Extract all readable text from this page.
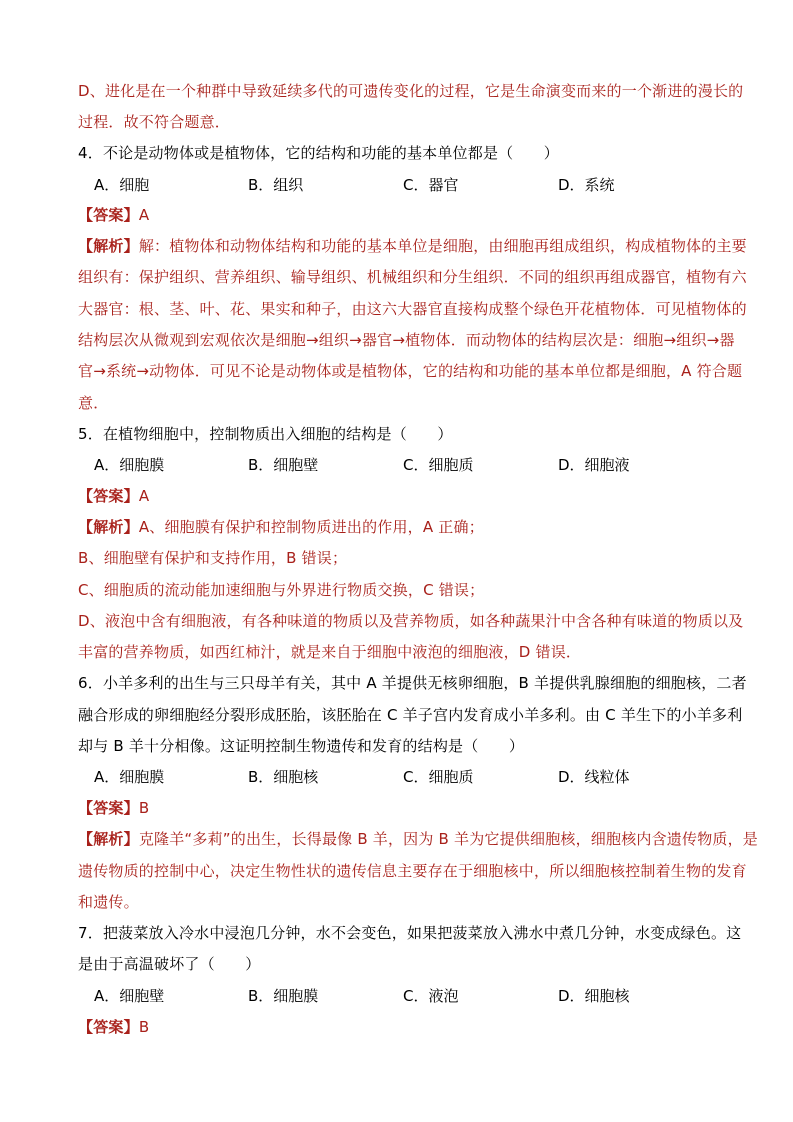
D、进化是在一个种群中导致延续多代的可遗传变化的过程，它是生命演变而来的一个渐进的漫长的
过程．故不符合题意．
4．不论是动物体或是植物体，它的结构和功能的基本单位都是（　　）
A．细胞	B．组织	C．器官	D．系统
【答案】A
【解析】解：植物体和动物体结构和功能的基本单位是细胞，由细胞再组成组织，构成植物体的主要
组织有：保护组织、营养组织、输导组织、机械组织和分生组织．不同的组织再组成器官，植物有六
大器官：根、茎、叶、花、果实和种子，由这六大器官直接构成整个绿色开花植物体．可见植物体的
结构层次从微观到宏观依次是细胞→组织→器官→植物体．而动物体的结构层次是：细胞→组织→器
官→系统→动物体．可见不论是动物体或是植物体，它的结构和功能的基本单位都是细胞，A 符合题
意．
5．在植物细胞中，控制物质出入细胞的结构是（　　）
A．细胞膜	B．细胞壁	C．细胞质	D．细胞液
【答案】A
【解析】A、细胞膜有保护和控制物质进出的作用，A 正确；
B、细胞壁有保护和支持作用，B 错误；
C、细胞质的流动能加速细胞与外界进行物质交换，C 错误；
D、液泡中含有细胞液，有各种味道的物质以及营养物质，如各种蔬果汁中含各种有味道的物质以及
丰富的营养物质，如西红柿汁，就是来自于细胞中液泡的细胞液，D 错误．
6．小羊多利的出生与三只母羊有关，其中 A 羊提供无核卵细胞，B 羊提供乳腺细胞的细胞核，二者
融合形成的卵细胞经分裂形成胚胎，该胚胎在 C 羊子宫内发育成小羊多利。由 C 羊生下的小羊多利
却与 B 羊十分相像。这证明控制生物遗传和发育的结构是（　　）
A．细胞膜	B．细胞核	C．细胞质	D．线粒体
【答案】B
【解析】克隆羊“多莉”的出生，长得最像 B 羊，因为 B 羊为它提供细胞核，细胞核内含遗传物质，是
遗传物质的控制中心，决定生物性状的遗传信息主要存在于细胞核中，所以细胞核控制着生物的发育
和遗传。
7．把菠菜放入冷水中浸泡几分钟，水不会变色，如果把菠菜放入沸水中煮几分钟，水变成绿色。这
是由于高温破坏了（　　）
A．细胞壁	B．细胞膜	C．液泡	D．细胞核
【答案】B
